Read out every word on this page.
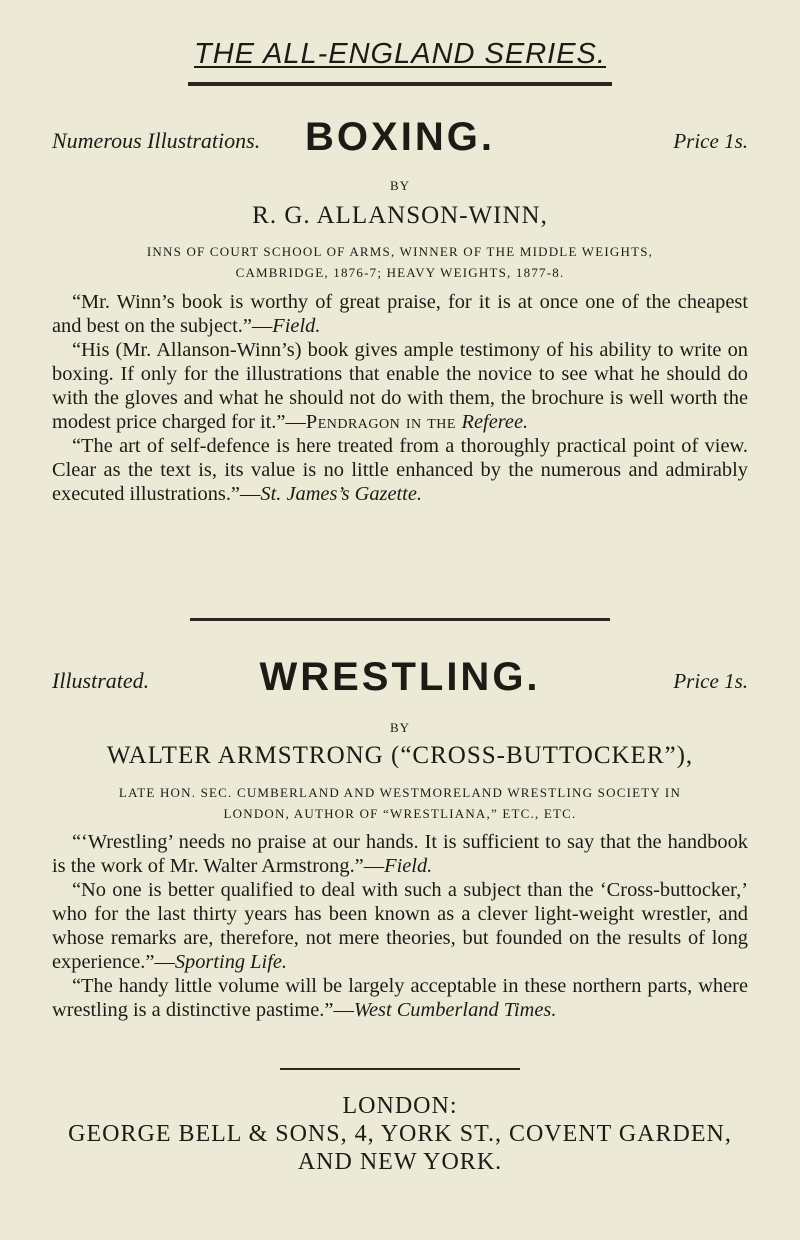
THE ALL-ENGLAND SERIES.
Numerous Illustrations.	BOXING.	Price 1s.
BY
R. G. ALLANSON-WINN,
INNS OF COURT SCHOOL OF ARMS, WINNER OF THE MIDDLE WEIGHTS,
CAMBRIDGE, 1876-7; HEAVY WEIGHTS, 1877-8.

“Mr. Winn’s book is worthy of great praise, for it is at once one of the cheapest and best on the subject.”—Field.

“His (Mr. Allanson-Winn’s) book gives ample testimony of his ability to write on boxing. If only for the illustrations that enable the novice to see what he should do with the gloves and what he should not do with them, the brochure is well worth the modest price charged for it.”—Pendragon in the Referee.

“The art of self-defence is here treated from a thoroughly practical point of view. Clear as the text is, its value is no little enhanced by the numerous and admirably executed illustrations.”—St. James’s Gazette.

Illustrated.	WRESTLING.	Price 1s.
BY
WALTER ARMSTRONG (“CROSS-BUTTOCKER”),
LATE HON. SEC. CUMBERLAND AND WESTMORELAND WRESTLING SOCIETY IN
LONDON, AUTHOR OF “WRESTLIANA,” ETC., ETC.

“‘Wrestling’ needs no praise at our hands. It is sufficient to say that the handbook is the work of Mr. Walter Armstrong.”—Field.

“No one is better qualified to deal with such a subject than the ‘Cross-buttocker,’ who for the last thirty years has been known as a clever light-weight wrestler, and whose remarks are, therefore, not mere theories, but founded on the results of long experience.”—Sporting Life.

“The handy little volume will be largely acceptable in these northern parts, where wrestling is a distinctive pastime.”—West Cumberland Times.

LONDON:
GEORGE BELL & SONS, 4, YORK ST., COVENT GARDEN,
AND NEW YORK.
